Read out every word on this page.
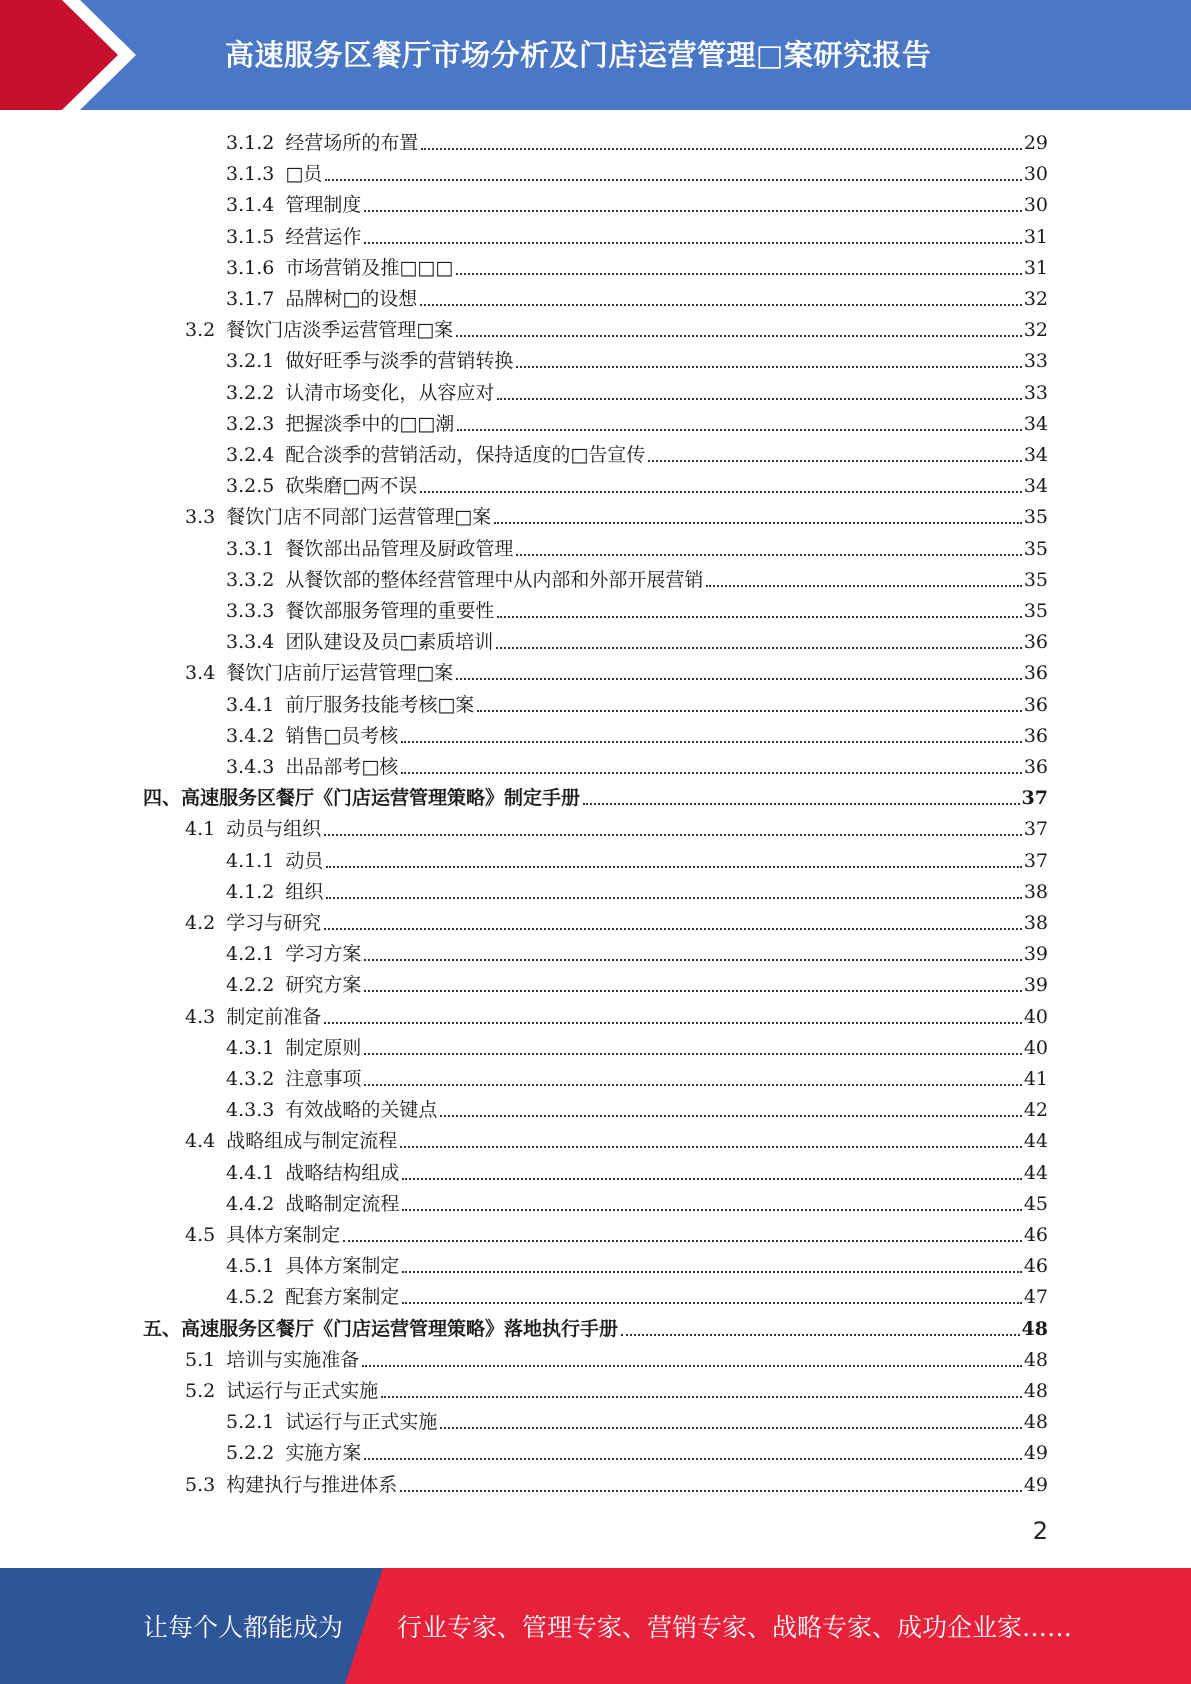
高速服务区餐厅市场分析及门店运营管理□案研究报告
3.1.2 经营场所的布置	29
3.1.3 □员	30
3.1.4 管理制度	30
3.1.5 经营运作	31
3.1.6 市场营销及推□□□	31
3.1.7 品牌树□的设想	32
3.2 餐饮门店淡季运营管理□案	32
3.2.1 做好旺季与淡季的营销转换	33
3.2.2 认清市场变化，从容应对	33
3.2.3 把握淡季中的□□潮	34
3.2.4 配合淡季的营销活动，保持适度的□告宣传	34
3.2.5 砍柴磨□两不误	34
3.3 餐饮门店不同部门运营管理□案	35
3.3.1 餐饮部出品管理及厨政管理	35
3.3.2 从餐饮部的整体经营管理中从内部和外部开展营销	35
3.3.3 餐饮部服务管理的重要性	35
3.3.4 团队建设及员□素质培训	36
3.4 餐饮门店前厅运营管理□案	36
3.4.1 前厅服务技能考核□案	36
3.4.2 销售□员考核	36
3.4.3 出品部考□核	36
四、高速服务区餐厅《门店运营管理策略》制定手册	37
4.1 动员与组织	37
4.1.1 动员	37
4.1.2 组织	38
4.2 学习与研究	38
4.2.1 学习方案	39
4.2.2 研究方案	39
4.3 制定前准备	40
4.3.1 制定原则	40
4.3.2 注意事项	41
4.3.3 有效战略的关键点	42
4.4 战略组成与制定流程	44
4.4.1 战略结构组成	44
4.4.2 战略制定流程	45
4.5 具体方案制定	46
4.5.1 具体方案制定	46
4.5.2 配套方案制定	47
五、高速服务区餐厅《门店运营管理策略》落地执行手册	48
5.1 培训与实施准备	48
5.2 试运行与正式实施	48
5.2.1 试运行与正式实施	48
5.2.2 实施方案	49
5.3 构建执行与推进体系	49
2
让每个人都能成为 行业专家、管理专家、营销专家、战略专家、成功企业家……
